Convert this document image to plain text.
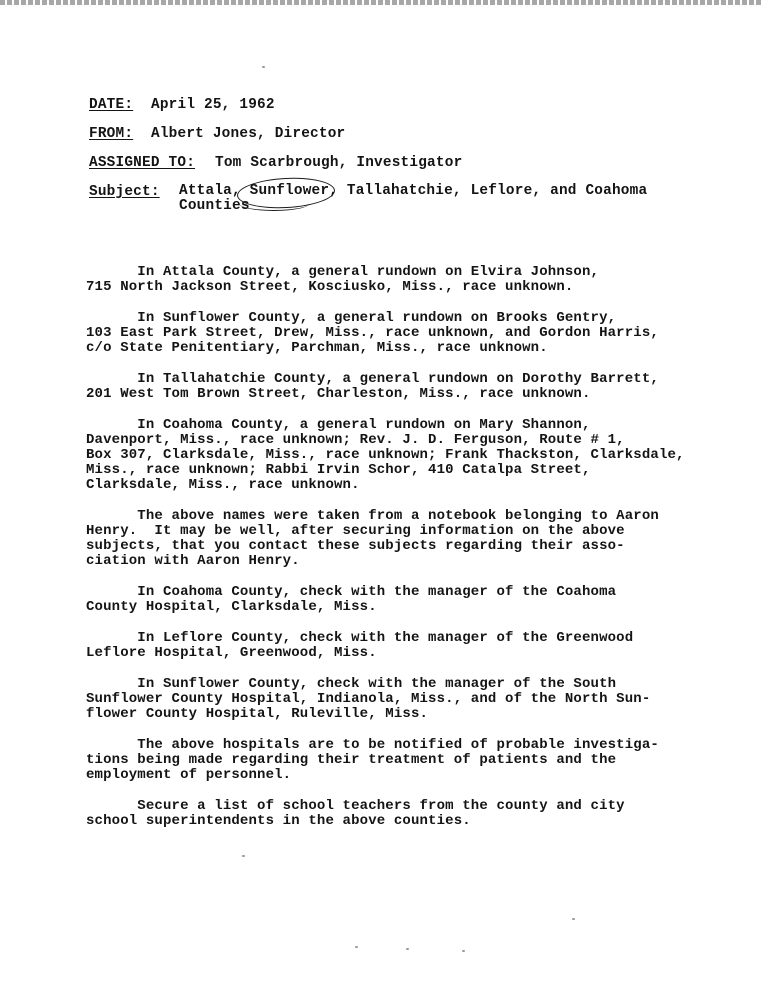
DATE: April 25, 1962
FROM: Albert Jones, Director
ASSIGNED TO: Tom Scarbrough, Investigator
Subject: Attala, Sunflower, Tallahatchie, Leflore, and Coahoma
Counties

In Attala County, a general rundown on Elvira Johnson,
715 North Jackson Street, Kosciusko, Miss., race unknown.

In Sunflower County, a general rundown on Brooks Gentry,
103 East Park Street, Drew, Miss., race unknown, and Gordon Harris,
c/o State Penitentiary, Parchman, Miss., race unknown.

In Tallahatchie County, a general rundown on Dorothy Barrett,
201 West Tom Brown Street, Charleston, Miss., race unknown.

In Coahoma County, a general rundown on Mary Shannon,
Davenport, Miss., race unknown; Rev. J. D. Ferguson, Route # 1,
Box 307, Clarksdale, Miss., race unknown; Frank Thackston, Clarksdale,
Miss., race unknown; Rabbi Irvin Schor, 410 Catalpa Street,
Clarksdale, Miss., race unknown.

The above names were taken from a notebook belonging to Aaron
Henry.  It may be well, after securing information on the above
subjects, that you contact these subjects regarding their asso-
ciation with Aaron Henry.

In Coahoma County, check with the manager of the Coahoma
County Hospital, Clarksdale, Miss.

In Leflore County, check with the manager of the Greenwood
Leflore Hospital, Greenwood, Miss.

In Sunflower County, check with the manager of the South
Sunflower County Hospital, Indianola, Miss., and of the North Sun-
flower County Hospital, Ruleville, Miss.

The above hospitals are to be notified of probable investiga-
tions being made regarding their treatment of patients and the
employment of personnel.

Secure a list of school teachers from the county and city
school superintendents in the above counties.
